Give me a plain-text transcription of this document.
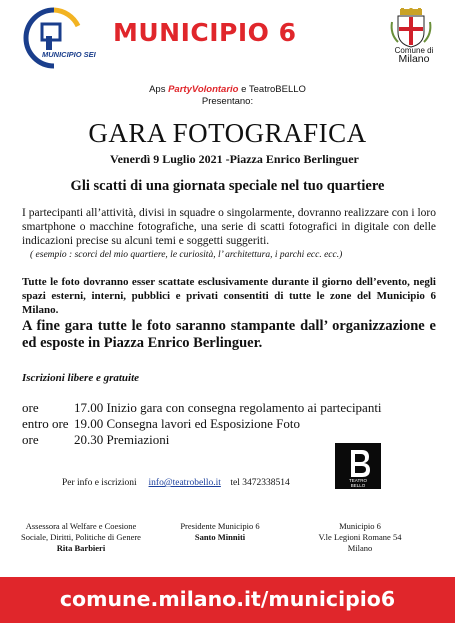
MUNICIPIO SEI
MUNICIPIO 6
Comune di
Milano
Aps PartyVolontario e TeatroBELLO
Presentano:
GARA FOTOGRAFICA
Venerdì 9 Luglio 2021 -Piazza Enrico Berlinguer
Gli scatti di una giornata speciale nel tuo quartiere
I partecipanti all’attività, divisi in squadre o singolarmente, dovranno realizzare con i loro smartphone o macchine fotografiche, una serie di scatti fotografici in digitale con delle indicazioni precise su alcuni temi e soggetti suggeriti.
( esempio : scorci del mio quartiere, le curiosità, l’ architettura, i parchi ecc. ecc.)
Tutte le foto dovranno esser scattate esclusivamente durante il giorno dell’evento, negli spazi esterni, interni, pubblici e privati consentiti di tutte le zone del Municipio 6 Milano.
A fine gara tutte le foto saranno stampante dall’ organizzazione e ed esposte in Piazza Enrico Berlinguer.
Iscrizioni libere e gratuite
ore	17.00 Inizio gara con consegna regolamento ai partecipanti
entro ore 19.00 Consegna lavori ed Esposizione Foto
ore	20.30 Premiazioni
Per info e iscrizioni info@teatrobello.it tel 3472338514	TEATRO
BELLO
Assessora al Welfare e Coesione
Sociale, Diritti, Politiche di Genere
Rita Barbieri
Presidente Municipio 6
Santo Minniti
Municipio 6
V.le Legioni Romane 54
Milano
comune.milano.it/municipio6
